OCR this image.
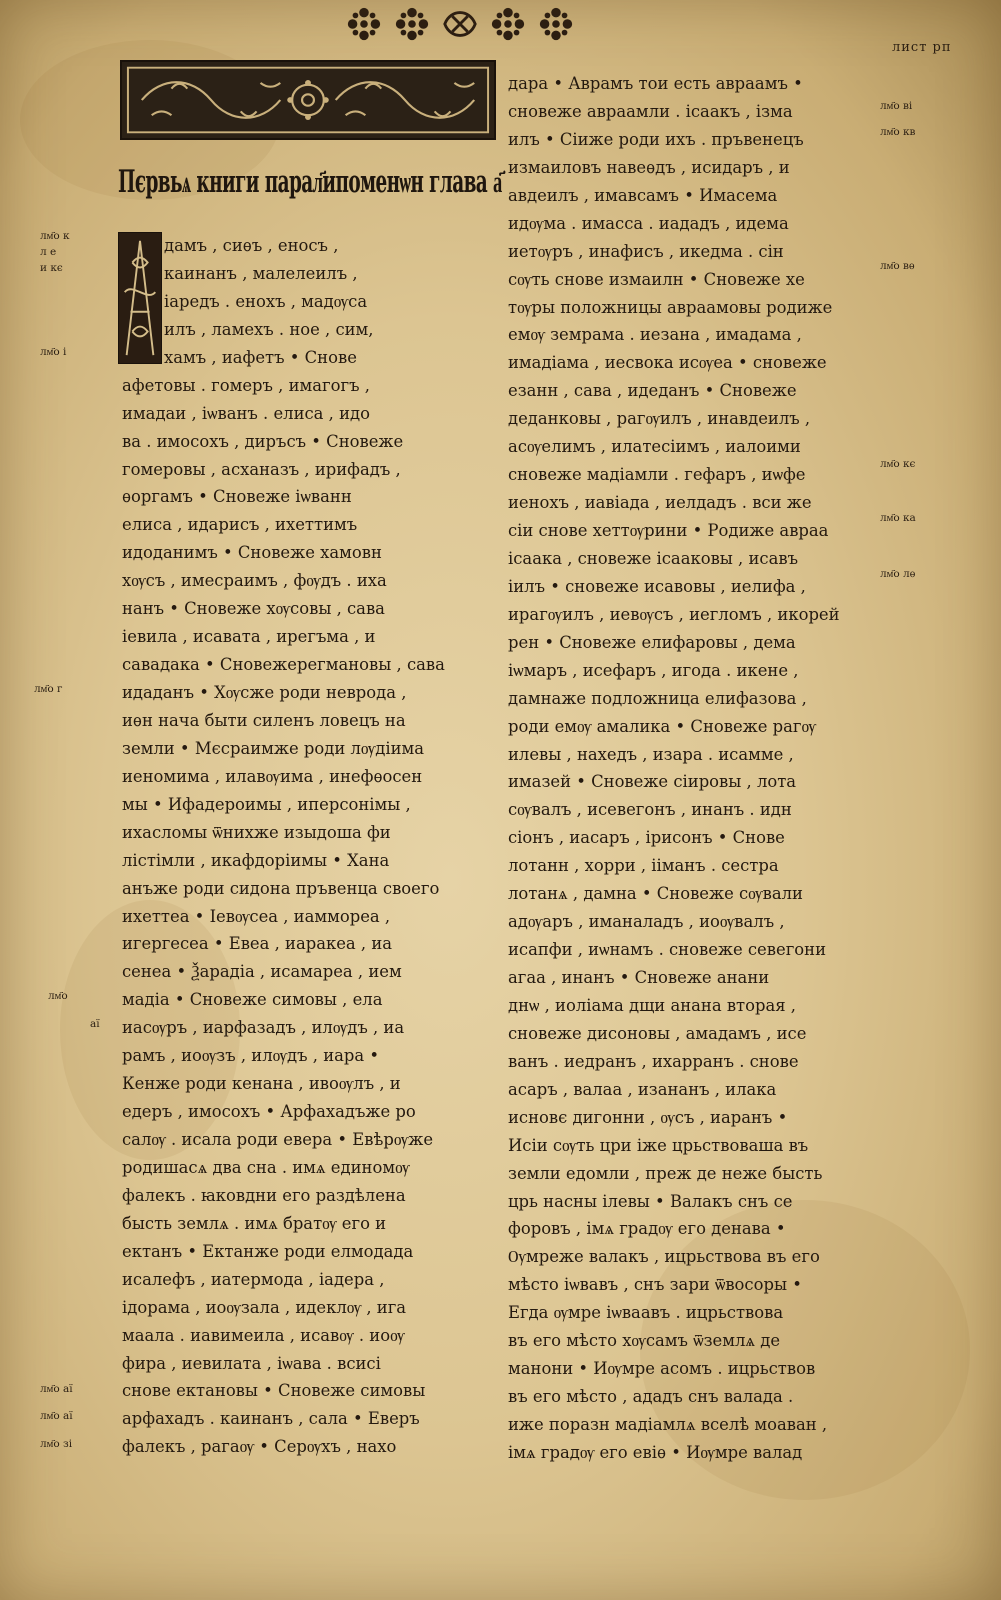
лист рп
Пєрвьѧ книги парал҃ипоменѡн глава а҃
дамъ , сиѳъ , еносъ ,
каинанъ , малелеилъ ,
іаредъ . енохъ , мадѹса
илъ , ламехъ . ное , сим,
хамъ , иафетъ • Снове
афетовы . гомеръ , имагогъ ,
имадаи , іѡванъ . елиса , идо
ва . имосохъ , диръсъ • Сновеже
гомеровы , асханазъ , ирифадъ ,
ѳоргамъ • Сновеже іѡванн
елиса , идарисъ , ихеттимъ
идоданимъ • Сновеже хамовн
хѹсъ , имесраимъ , фѹдъ . иха
нанъ • Сновеже хѹсовы , сава
іевила , исавата , ирегъма , и
савадака • Сновежерегмановы , сава
идаданъ • Хѹсже роди неврода ,
иѳн нача быти силенъ ловецъ на
земли • Мєсраимже роди лѹдіима
иеномима , илавѹима , инефѳосен
мы • Ифадероимы , иперсонімы ,
ихасломы ѿнихже изыдоша фи
лістімли , икафдоріимы • Хана
анъже роди сидона пръвенца своего
ихеттеа • Іевѹсеа , иаммореа ,
игергесеа • Евеа , иаракеа , иа
сенеа • Ѯарадіа , исамареа , ием
мадіа • Сновеже симовы , ела
иасѹръ , иарфазадъ , илѹдъ , иа
рамъ , иоѹзъ , илѹдъ , иара •
Кенже роди кенана , ивоѹлъ , и
едеръ , имосохъ • Арфахадъже ро
салѹ . исала роди евера • Евѣрѹже
родишасѧ два сна . имѧ единомѹ
фалекъ . ꙗковдни его раздѣлена
бысть землѧ . имѧ братѹ его и
ектанъ • Ектанже роди елмодада
исалефъ , иатермода , іадера ,
ідорама , иоѹзала , идеклѹ , ига
маала . иавимеила , исавѹ . иоѹ
фира , иевилата , іѡава . всисі
снове ектановы • Сновеже симовы
арфахадъ . каинанъ , сала • Еверъ
фалекъ , рагаѹ • Серѹхъ , нахо
дара • Аврамъ тои есть авраамъ •
сновеже авраамли . ісаакъ , ізма
илъ • Сіиже роди ихъ . пръвенецъ
измаиловъ навеѳдъ , исидаръ , и
авдеилъ , имавсамъ • Имасема
идѹма . имасса . иададъ , идема
иетѹръ , инафисъ , икедма . сін
сѹть снове измаилн • Сновеже хе
тѹры положницы авраамовы родиже
емѹ земрама . иезана , имадама ,
имадіама , иесвока исѹеа • сновеже
езанн , сава , идеданъ • Сновеже
деданковы , рагѹилъ , инавдеилъ ,
асѹелимъ , илатесіимъ , иалоими
сновеже мадіамли . гефаръ , иѡфе
иенохъ , иавіада , иелдадъ . вси же
сіи снове хеттѹрини • Родиже авраа
ісаака , сновеже ісааковы , исавъ
іилъ • сновеже исавовы , иелифа ,
ирагѹилъ , иевѹсъ , иегломъ , икорей
рен • Сновеже елифаровы , дема
іѡмаръ , исефаръ , игода . икене ,
дамнаже подложница елифазова ,
роди емѹ амалика • Сновеже рагѹ
илевы , нахедъ , изара . исамме ,
имазей • Сновеже сіировы , лота
сѹвалъ , исевегонъ , инанъ . идн
сіонъ , иасаръ , ірисонъ • Снове
лотанн , хорри , ііманъ . сестра
лотанѧ , дамна • Сновеже сѹвали
адѹаръ , иманаладъ , иоѹвалъ ,
исапфи , иѡнамъ . сновеже севегони
агаа , инанъ • Сновеже анани
днѡ , иоліама дщи анана вторая ,
сновеже дисоновы , амадамъ , исе
ванъ . иедранъ , ихарранъ . снове
асаръ , валаа , изананъ , илака
исновє дигонни , ѹсъ , иаранъ •
Исіи сѹть цри іже црьствоваша въ
земли едомли , преж де неже бысть
црь насны ілевы • Валакъ снъ се
форовъ , імѧ градѹ его денава •
Ѹмреже валакъ , ицрьствова въ его
мѣсто іѡвавъ , снъ зари ѿвосоры •
Егда ѹмре іѡваавъ . ицрьствова
въ его мѣсто хѹсамъ ѿземлѧ де
манони • Иѹмре асомъ . ицрьствов
въ его мѣсто , ададъ снъ валада .
иже поразн мадіамлѧ вселѣ моаван ,
імѧ градѹ его евіѳ • Иѹмре валад
лм҃о к
л е
и кє
лм҃о і
лм҃о г
лм҃о
аї
лм҃о аї
лм҃о аї
лм҃о зі
лм҃о ві
лм҃о кв
лм҃о вѳ
лм҃о кє
лм҃о ка
лм҃о лѳ
